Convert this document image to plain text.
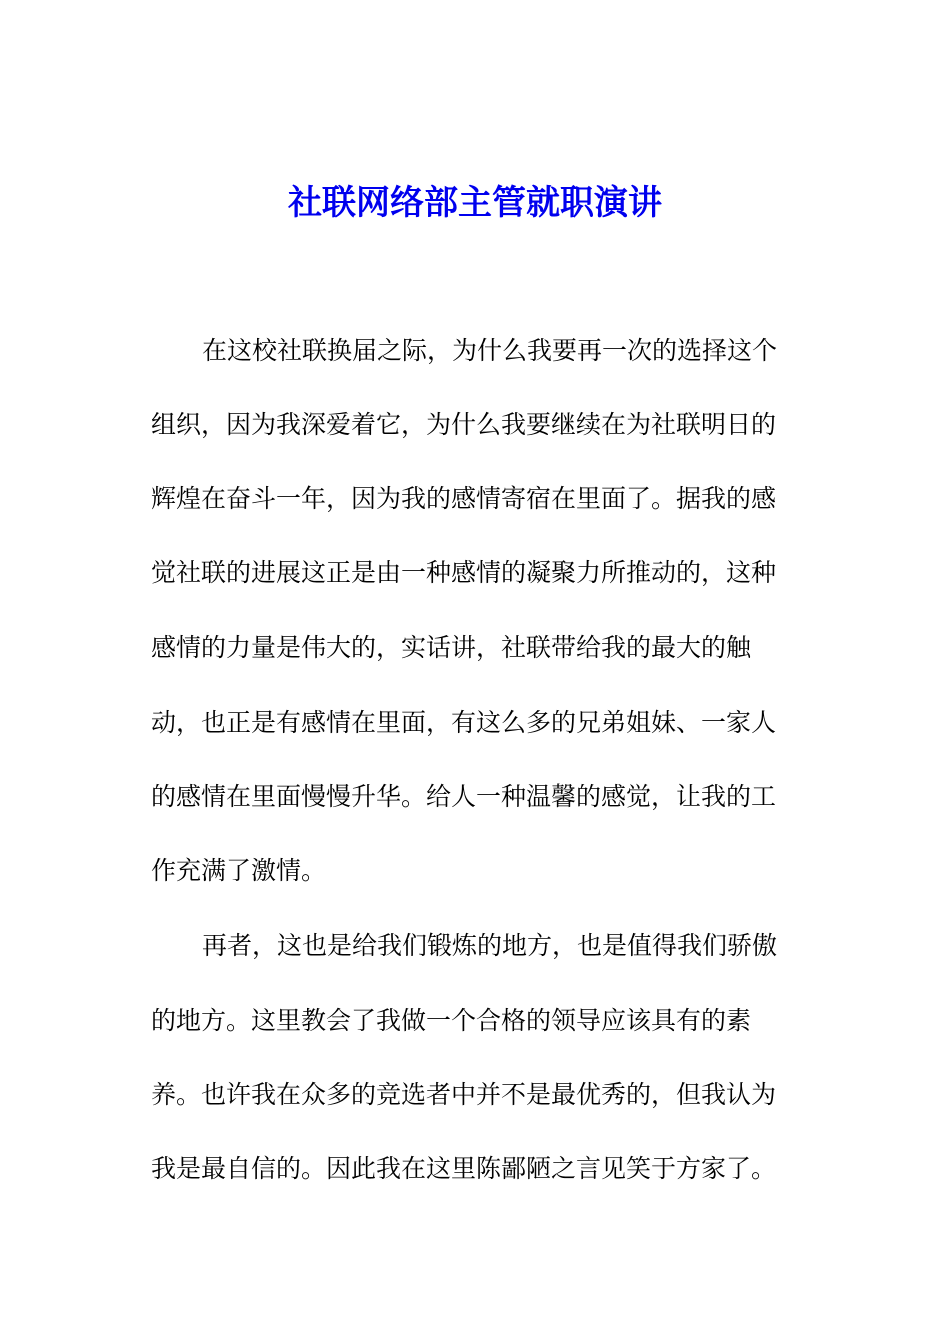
社联网络部主管就职演讲
在这校社联换届之际，为什么我要再一次的选择这个
组织，因为我深爱着它，为什么我要继续在为社联明日的
辉煌在奋斗一年，因为我的感情寄宿在里面了。据我的感
觉社联的进展这正是由一种感情的凝聚力所推动的，这种
感情的力量是伟大的，实话讲，社联带给我的最大的触
动，也正是有感情在里面，有这么多的兄弟姐妹、一家人
的感情在里面慢慢升华。给人一种温馨的感觉，让我的工
作充满了激情。
再者，这也是给我们锻炼的地方，也是值得我们骄傲
的地方。这里教会了我做一个合格的领导应该具有的素
养。也许我在众多的竞选者中并不是最优秀的，但我认为
我是最自信的。因此我在这里陈鄙陋之言见笑于方家了。
